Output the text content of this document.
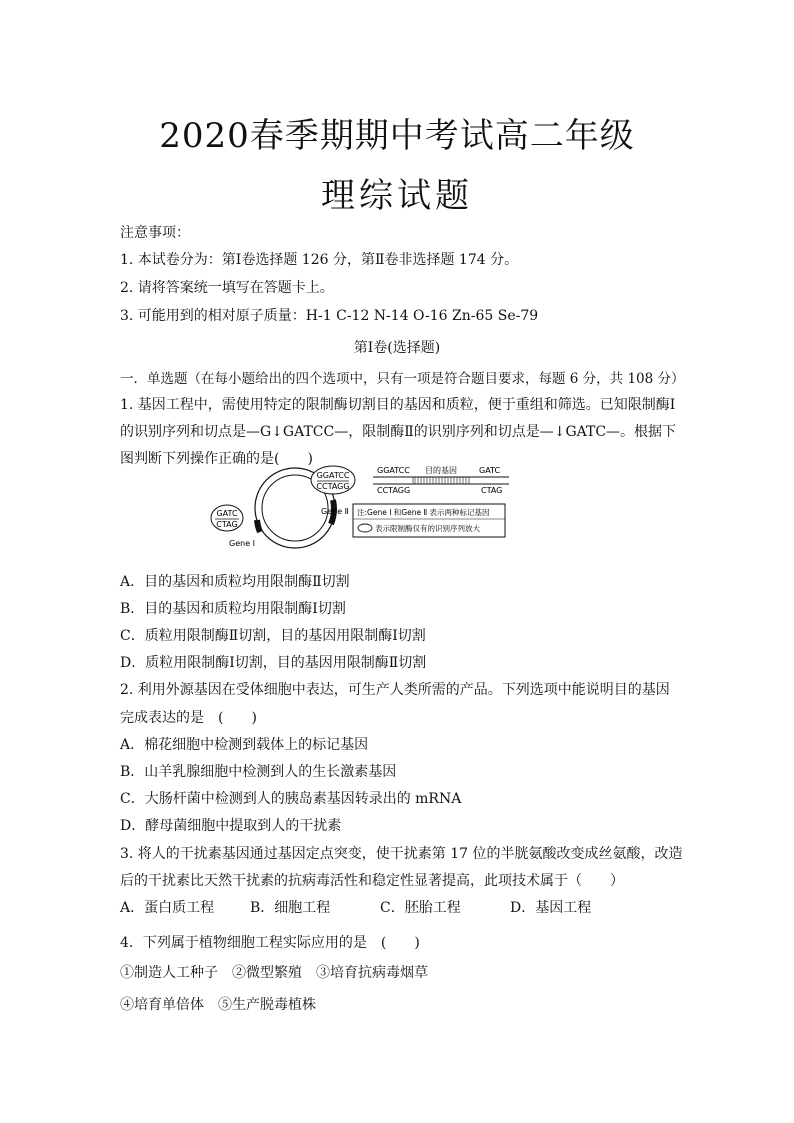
2020春季期期中考试高二年级
理综试题
注意事项：
1. 本试卷分为：第Ⅰ卷选择题 126 分，第Ⅱ卷非选择题 174 分。
2. 请将答案统一填写在答题卡上。
3. 可能用到的相对原子质量：H-1 C-12 N-14 O-16 Zn-65 Se-79
第Ⅰ卷(选择题)
一．单选题（在每小题给出的四个选项中，只有一项是符合题目要求，每题 6 分，共 108 分）
1. 基因工程中，需使用特定的限制酶切割目的基因和质粒，便于重组和筛选。已知限制酶Ⅰ
的识别序列和切点是—G↓GATCC—，限制酶Ⅱ的识别序列和切点是—↓GATC—。根据下
图判断下列操作正确的是(　　)
GGATCC
CCTAGG
GATC
CTAG
Gene Ⅱ
Gene Ⅰ
GGATCC 目的基因	GATC
CCTAGG	CTAG
注:Gene Ⅰ 和Gene Ⅱ 表示两种标记基因
表示限制酶仅有的识别序列放大
A．目的基因和质粒均用限制酶Ⅱ切割
B．目的基因和质粒均用限制酶Ⅰ切割
C．质粒用限制酶Ⅱ切割，目的基因用限制酶Ⅰ切割
D．质粒用限制酶Ⅰ切割，目的基因用限制酶Ⅱ切割
2. 利用外源基因在受体细胞中表达，可生产人类所需的产品。下列选项中能说明目的基因
完成表达的是　(　　)
A．棉花细胞中检测到载体上的标记基因
B．山羊乳腺细胞中检测到人的生长激素基因
C．大肠杆菌中检测到人的胰岛素基因转录出的 mRNA
D．酵母菌细胞中提取到人的干扰素
3. 将人的干扰素基因通过基因定点突变，使干扰素第 17 位的半胱氨酸改变成丝氨酸，改造
后的干扰素比天然干扰素的抗病毒活性和稳定性显著提高，此项技术属于（　　）
A．蛋白质工程	B．细胞工程	C．胚胎工程	D．基因工程
4．下列属于植物细胞工程实际应用的是　(　　)
①制造人工种子　②微型繁殖　③培育抗病毒烟草
④培育单倍体　⑤生产脱毒植株
